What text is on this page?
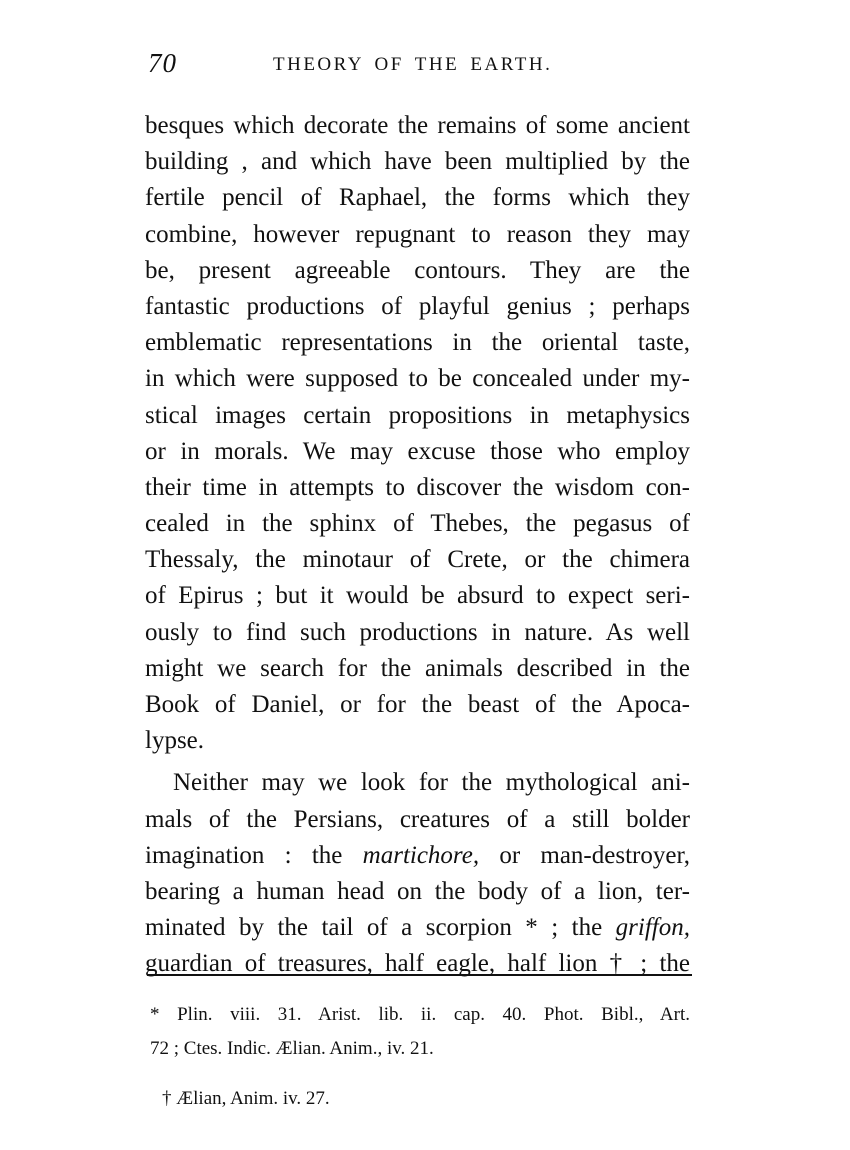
70	THEORY OF THE EARTH.
besques which decorate the remains of some ancient
building , and which have been multiplied by the
fertile pencil of Raphael, the forms which they
combine, however repugnant to reason they may
be, present agreeable contours. They are the
fantastic productions of playful genius ; perhaps
emblematic representations in the oriental taste,
in which were supposed to be concealed under my-
stical images certain propositions in metaphysics
or in morals. We may excuse those who employ
their time in attempts to discover the wisdom con-
cealed in the sphinx of Thebes, the pegasus of
Thessaly, the minotaur of Crete, or the chimera
of Epirus ; but it would be absurd to expect seri-
ously to find such productions in nature. As well
might we search for the animals described in the
Book of Daniel, or for the beast of the Apoca-
lypse.
Neither may we look for the mythological ani-
mals of the Persians, creatures of a still bolder
imagination : the martichore, or man-destroyer,
bearing a human head on the body of a lion, ter-
minated by the tail of a scorpion * ; the griffon,
guardian of treasures, half eagle, half lion † ; the
* Plin. viii. 31. Arist. lib. ii. cap. 40. Phot. Bibl., Art.
72 ; Ctes. Indic. Ælian. Anim., iv. 21.
† Ælian, Anim. iv. 27.
